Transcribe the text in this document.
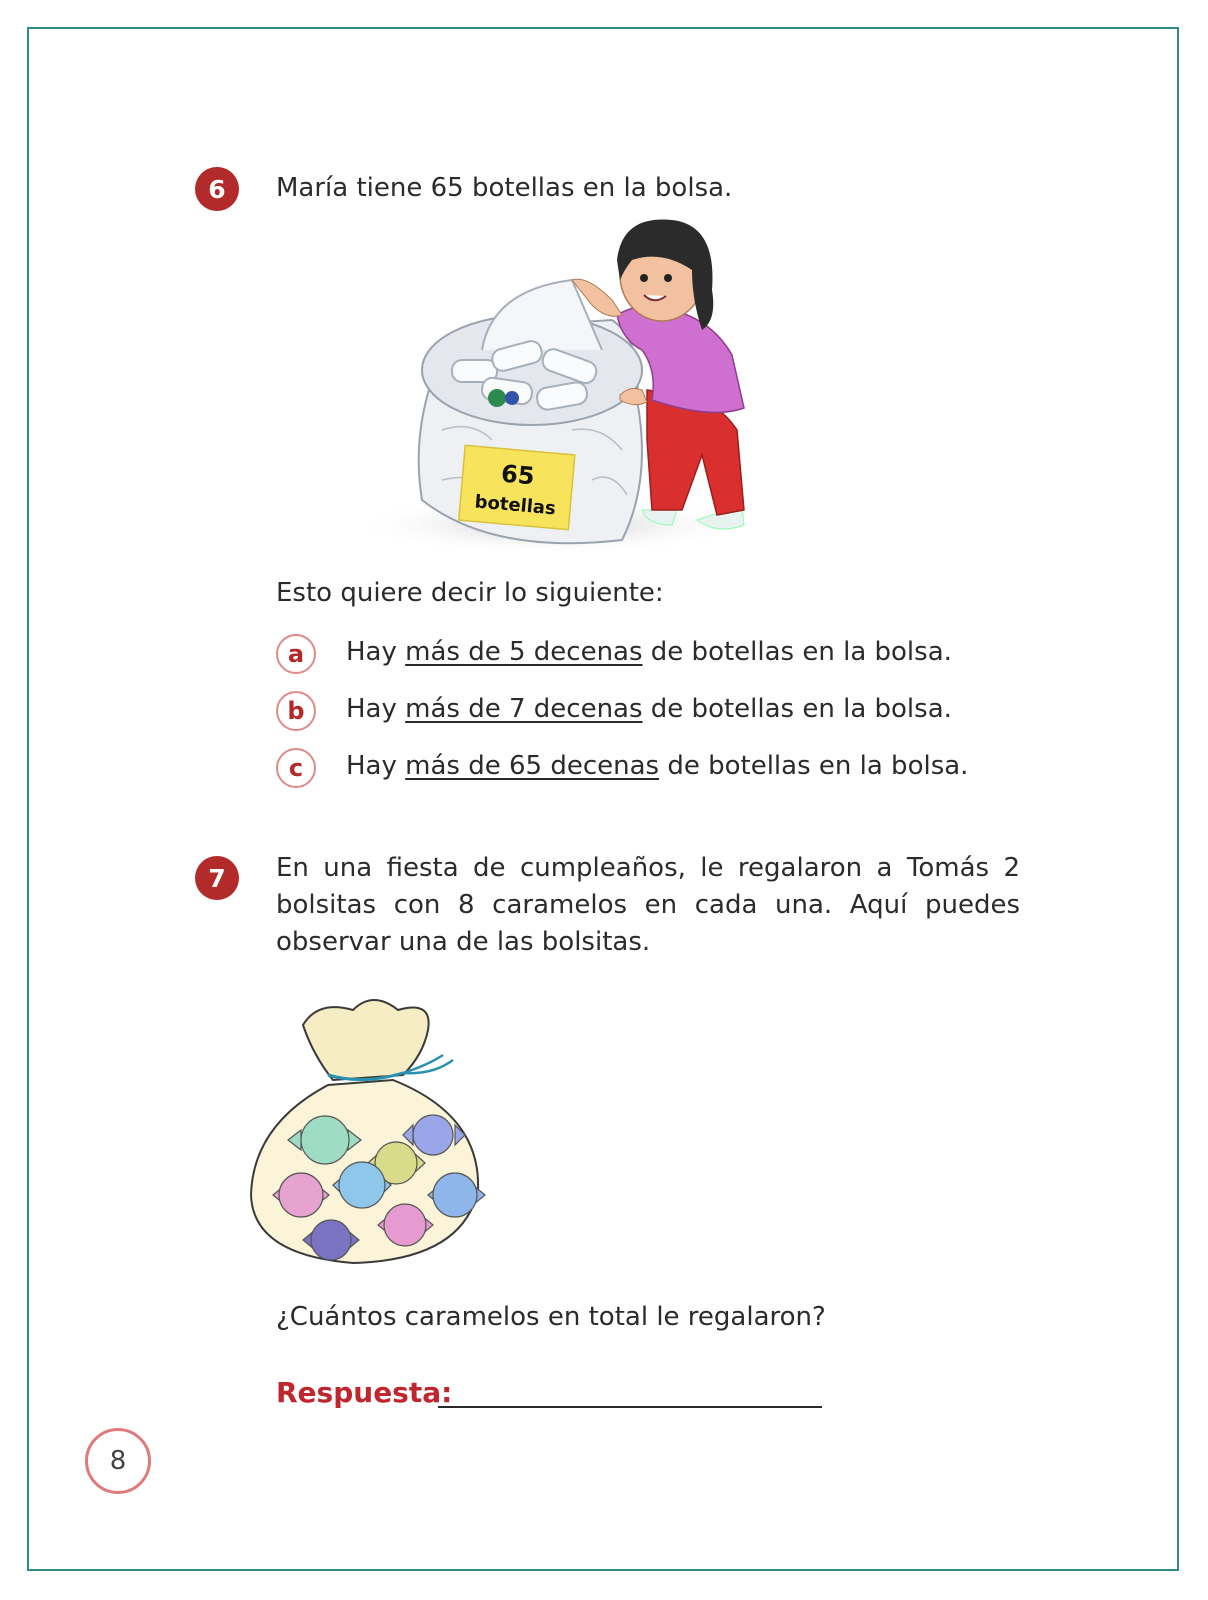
6 María tiene 65 botellas en la bolsa.
65
botellas
Esto quiere decir lo siguiente:
a Hay más de 5 decenas de botellas en la bolsa.
b Hay más de 7 decenas de botellas en la bolsa.
c Hay más de 65 decenas de botellas en la bolsa.
7 En una fiesta de cumpleaños, le regalaron a Tomás 2 bolsitas con 8 caramelos en cada una. Aquí puedes observar una de las bolsitas.
¿Cuántos caramelos en total le regalaron?
Respuesta:
8
